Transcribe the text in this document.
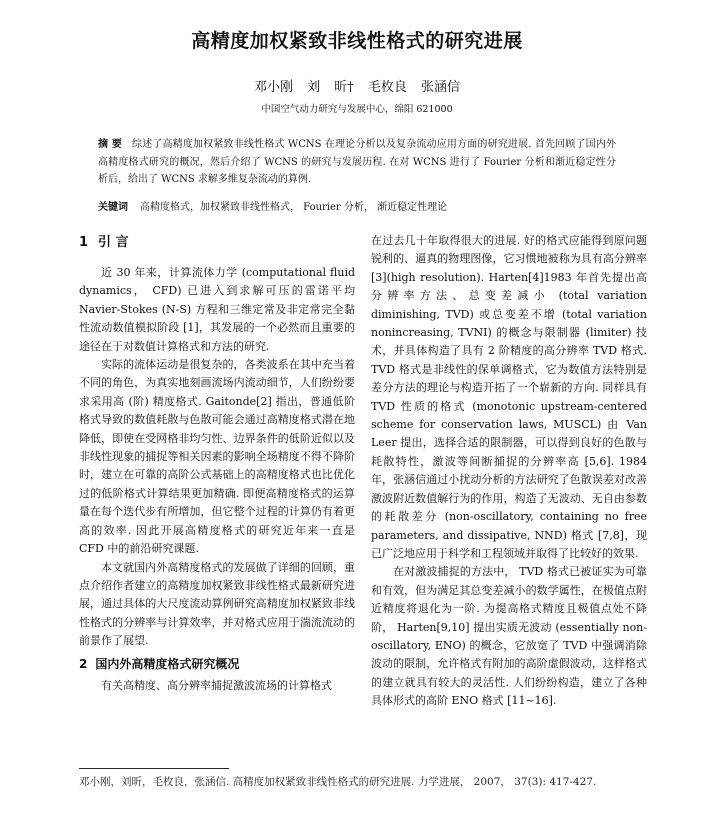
高精度加权紧致非线性格式的研究进展
邓小刚 刘 昕† 毛枚良 张涵信
中国空气动力研究与发展中心，绵阳 621000
摘 要 综述了高精度加权紧致非线性格式 WCNS 在理论分析以及复杂流动应用方面的研究进展. 首先回顾了国内外高精度格式研究的概况，然后介绍了 WCNS 的研究与发展历程. 在对 WCNS 进行了 Fourier 分析和渐近稳定性分析后，给出了 WCNS 求解多维复杂流动的算例.
关键词 高精度格式，加权紧致非线性格式， Fourier 分析， 渐近稳定性理论
1 引 言

近 30 年来，计算流体力学 (computational fluid dynamics， CFD) 已进入到求解可压的雷诺平均 Navier-Stokes (N-S) 方程和三维定常及非定常完全黏性流动数值模拟阶段 [1]，其发展的一个必然而且重要的途径在于对数值计算格式和方法的研究.

实际的流体运动是很复杂的，各类波系在其中充当着不同的角色，为真实地刻画流场内流动细节，人们纷纷要求采用高 (阶) 精度格式. Gaitonde[2] 指出，普通低阶格式导致的数值耗散与色散可能会通过高精度格式潜在地降低，即使在受网格非均匀性、边界条件的低阶近似以及非线性现象的捕捉等相关因素的影响全场精度不得不降阶时，建立在可靠的高阶公式基础上的高精度格式也比优化过的低阶格式计算结果更加精确. 即便高精度格式的运算量在每个迭代步有所增加，但它整个过程的计算仍有着更高的效率. 因此开展高精度格式的研究近年来一直是 CFD 中的前沿研究课题.

本文就国内外高精度格式的发展做了详细的回顾，重点介绍作者建立的高精度加权紧致非线性格式最新研究进展，通过具体的大尺度流动算例研究高精度加权紧致非线性格式的分辨率与计算效率，并对格式应用于湍流流动的前景作了展望.

2 国内外高精度格式研究概况

有关高精度、高分辨率捕捉激波流场的计算格式

在过去几十年取得很大的进展. 好的格式应能得到原问题锐利的、逼真的物理图像，它习惯地被称为具有高分辨率 [3](high resolution). Harten[4]1983 年首先提出高分辨率方法、总变差减小 (total variation diminishing, TVD) 或总变差不增 (total variation nonincreasing, TVNI) 的概念与限制器 (limiter) 技术，并具体构造了具有 2 阶精度的高分辨率 TVD 格式. TVD 格式是非线性的保单调格式，它为数值方法特别是差分方法的理论与构造开拓了一个崭新的方向. 同样具有 TVD 性质的格式 (monotonic upstream-centered scheme for conservation laws, MUSCL) 由 Van Leer 提出，选择合适的限制器，可以得到良好的色散与耗散特性，激波等间断捕捉的分辨率高 [5,6]. 1984 年，张涵信通过小扰动分析的方法研究了色散误差对改善激波附近数值解行为的作用，构造了无波动、无自由参数的耗散差分 (non-oscillatory, containing no free parameters, and dissipative, NND) 格式 [7,8]，现已广泛地应用于科学和工程领域并取得了比较好的效果.

在对激波捕捉的方法中， TVD 格式已被证实为可靠和有效，但为满足其总变差减小的数学属性，在极值点附近精度将退化为一阶. 为提高格式精度且极值点处不降阶， Harten[9,10] 提出实质无波动 (essentially non-oscillatory, ENO) 的概念，它放宽了 TVD 中强调消除波动的限制，允许格式有附加的高阶虚假波动，这样格式的建立就具有较大的灵活性. 人们纷纷构造，建立了各种具体形式的高阶 ENO 格式 [11~16].

邓小刚，刘昕，毛枚良，张涵信. 高精度加权紧致非线性格式的研究进展. 力学进展， 2007， 37(3): 417-427.
